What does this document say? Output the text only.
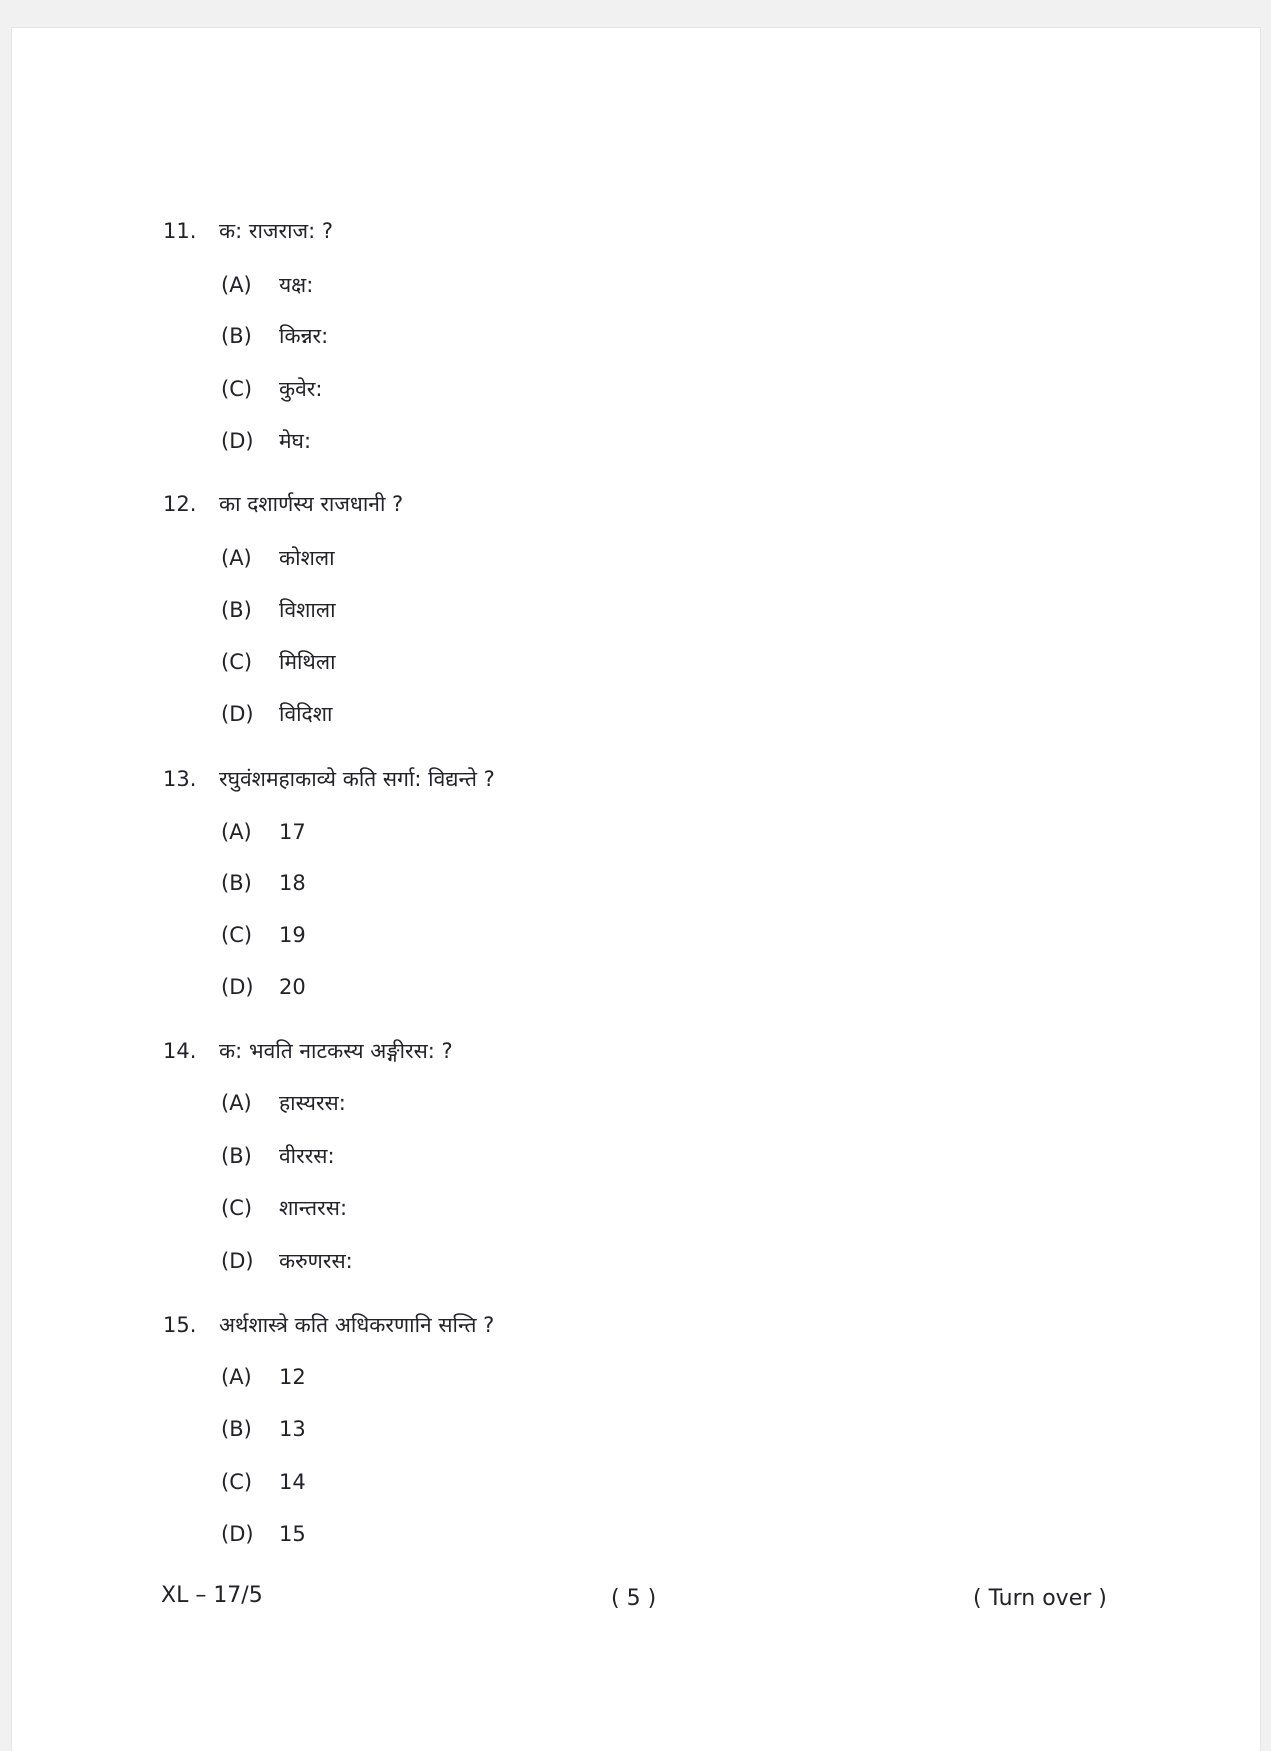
11. क: राजराज: ?
(A) यक्ष:
(B) किन्नर:
(C) कुवेर:
(D) मेघ:
12. का दशार्णस्य राजधानी ?
(A) कोशला
(B) विशाला
(C) मिथिला
(D) विदिशा
13. रघुवंशमहाकाव्ये कति सर्गा: विद्यन्ते ?
(A) 17
(B) 18
(C) 19
(D) 20
14. क: भवति नाटकस्य अङ्गीरस: ?
(A) हास्यरस:
(B) वीररस:
(C) शान्तरस:
(D) करुणरस:
15. अर्थशास्त्रे कति अधिकरणानि सन्ति ?
(A) 12
(B) 13
(C) 14
(D) 15
XL – 17/5	( 5 )	( Turn over )
